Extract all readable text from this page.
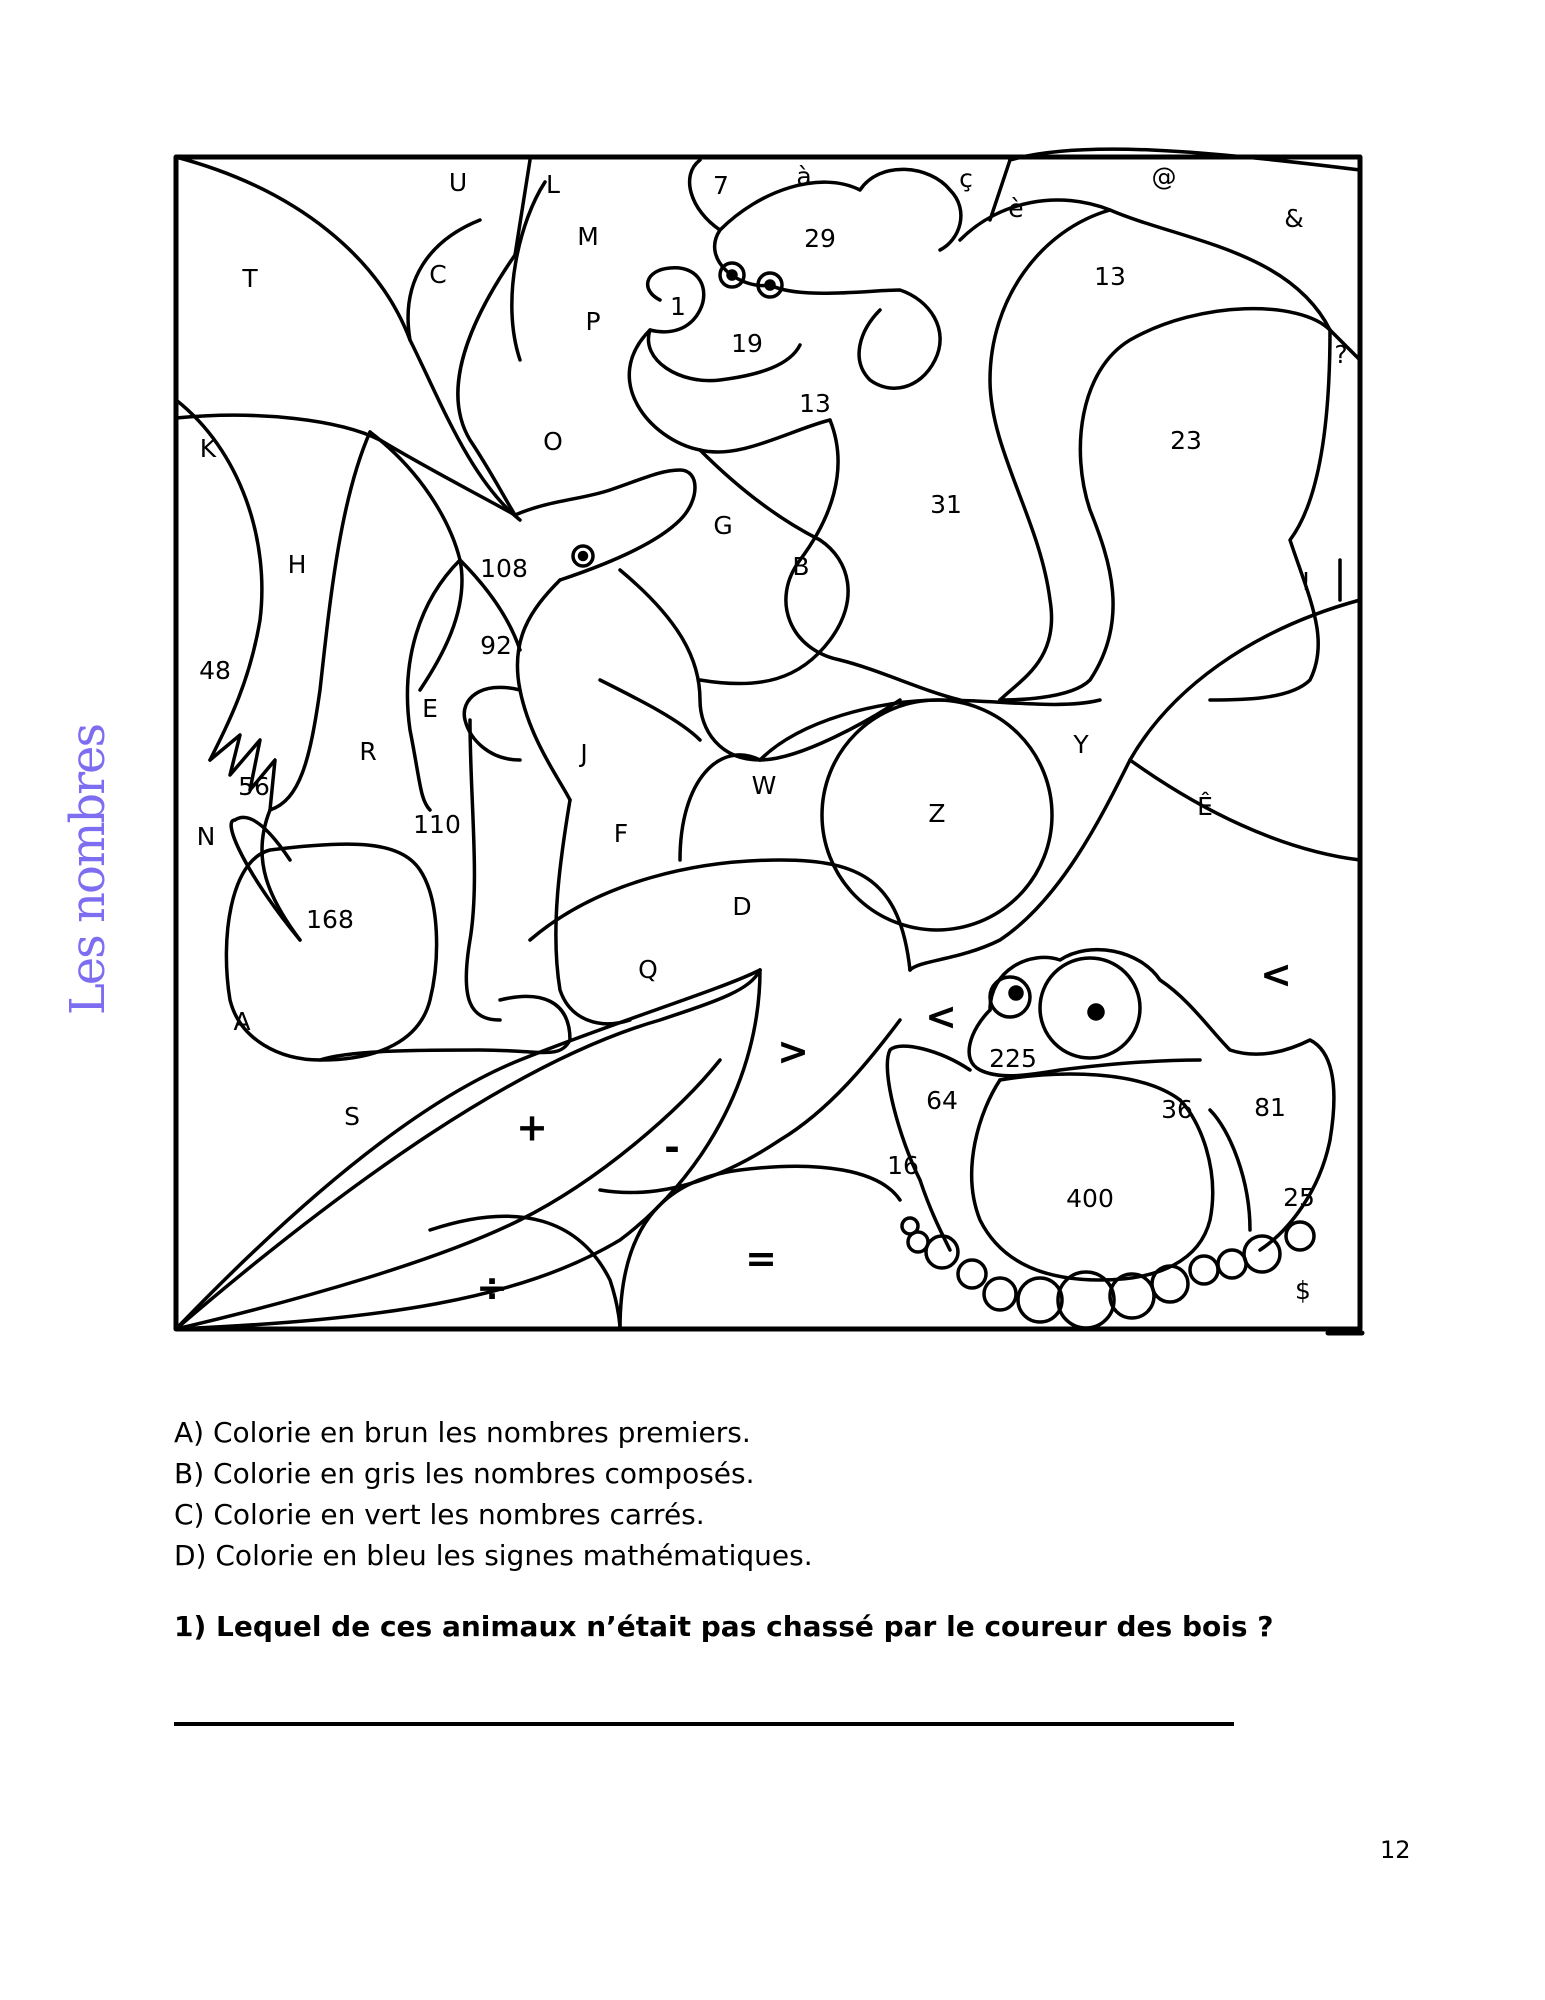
Les nombres
U	L	7	à	ç	@
è	&
M	29
T	C	13
1
P
19	?
13
K	O	23
31
G
H	108	B
!
92
48
E
Y
R	J
W
Z	Ê
56
F
110
N
D
168
Q
A
225
S
64	36 81
16
400	25
$
<
<
>
+	-
=
÷

A) Colorie en brun les nombres premiers.

B) Colorie en gris les nombres composés.

C) Colorie en vert les nombres carrés.

D) Colorie en bleu les signes mathématiques.

1) Lequel de ces animaux n’était pas chassé par le coureur des bois ?

12
